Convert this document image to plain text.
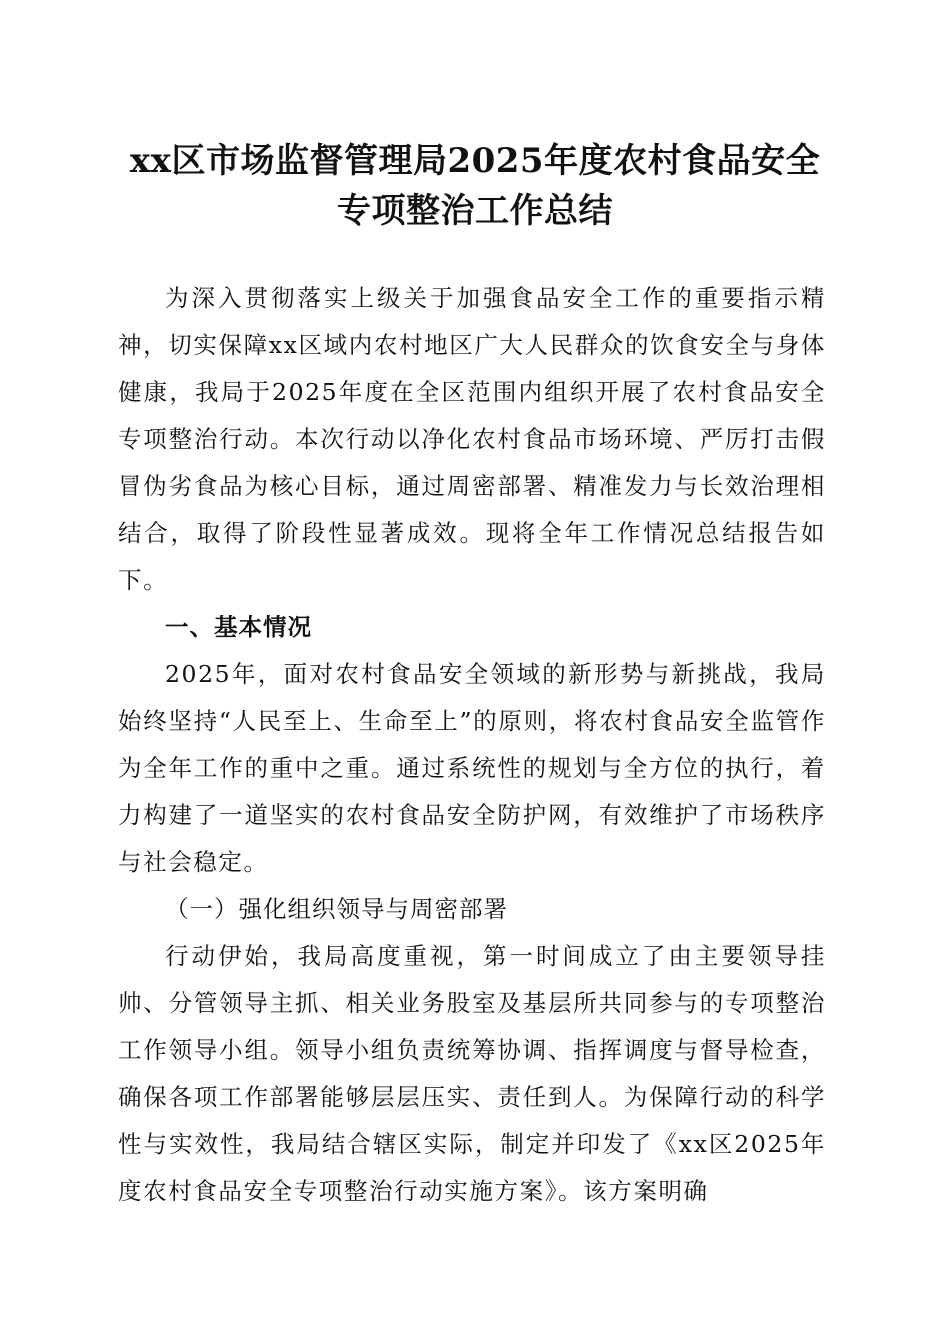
xx区市场监督管理局2025年度农村食品安全
专项整治工作总结

为深入贯彻落实上级关于加强食品安全工作的重要指示精神，切实保障xx区域内农村地区广大人民群众的饮食安全与身体健康，我局于2025年度在全区范围内组织开展了农村食品安全专项整治行动。本次行动以净化农村食品市场环境、严厉打击假冒伪劣食品为核心目标，通过周密部署、精准发力与长效治理相结合，取得了阶段性显著成效。现将全年工作情况总结报告如下。

一、基本情况

2025年，面对农村食品安全领域的新形势与新挑战，我局始终坚持“人民至上、生命至上”的原则，将农村食品安全监管作为全年工作的重中之重。通过系统性的规划与全方位的执行，着力构建了一道坚实的农村食品安全防护网，有效维护了市场秩序与社会稳定。

（一）强化组织领导与周密部署

行动伊始，我局高度重视，第一时间成立了由主要领导挂帅、分管领导主抓、相关业务股室及基层所共同参与的专项整治工作领导小组。领导小组负责统筹协调、指挥调度与督导检查，确保各项工作部署能够层层压实、责任到人。为保障行动的科学性与实效性，我局结合辖区实际，制定并印发了《xx区2025年度农村食品安全专项整治行动实施方案》。该方案明确
